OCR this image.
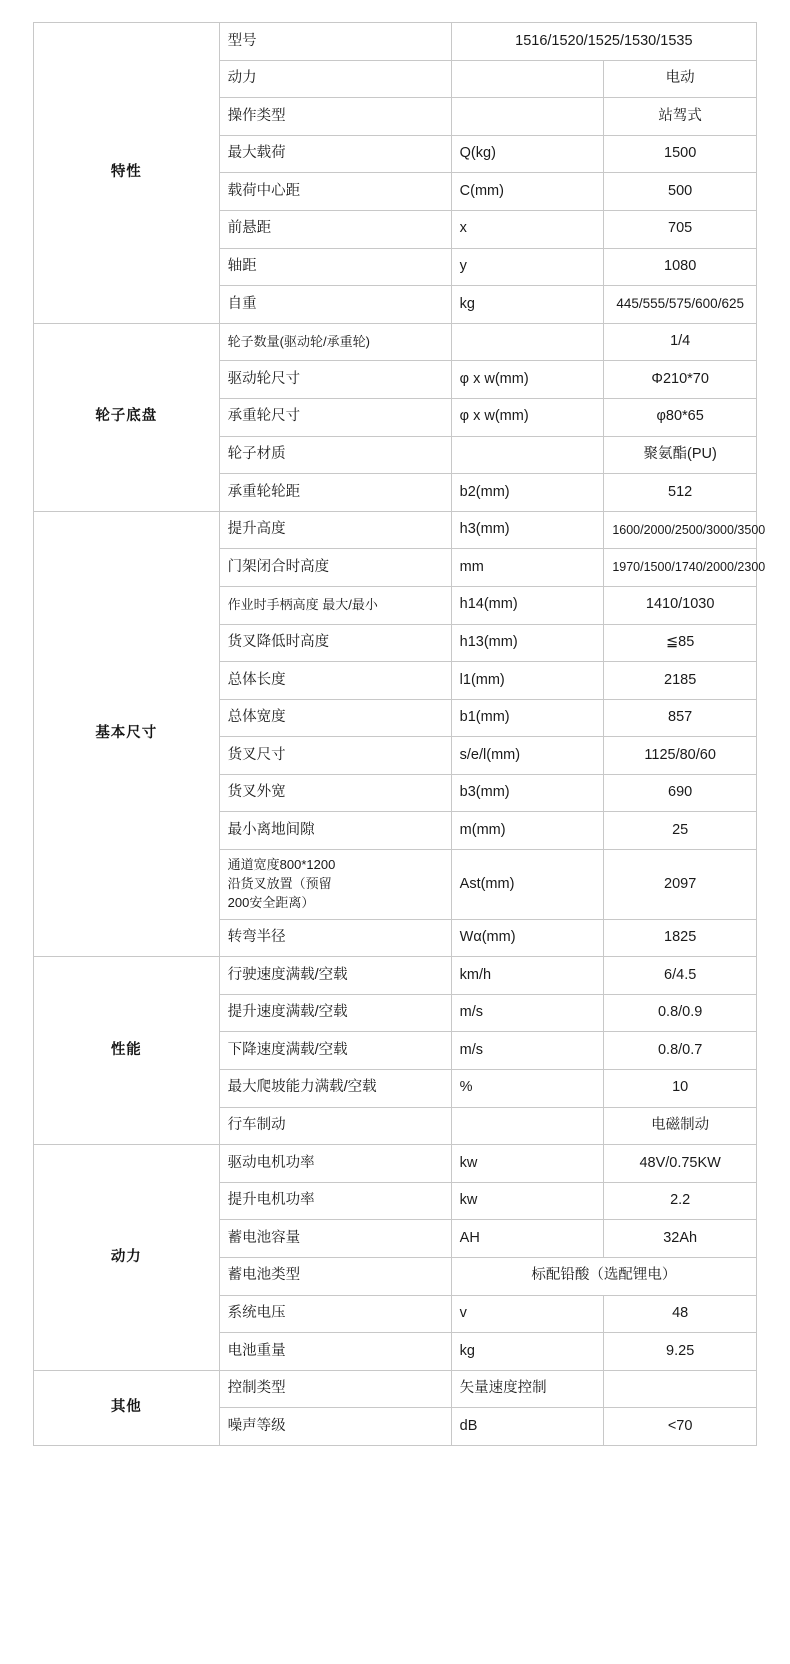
特性	型号	1516/1520/1525/1530/1535	
	动力		电动
	操作类型		站驾式
	最大载荷	Q(kg)	1500
	载荷中心距	C(mm)	500
	前悬距	x	705
	轴距	y	1080
	自重	kg	445/555/575/600/625
轮子底盘	轮子数量(驱动轮/承重轮)		1/4
	驱动轮尺寸	φ x w(mm)	Φ210*70
	承重轮尺寸	φ x w(mm)	φ80*65
	轮子材质		聚氨酯(PU)
	承重轮轮距	b2(mm)	512
基本尺寸	提升高度	h3(mm)	1600/2000/2500/3000/3500
	门架闭合时高度	mm	1970/1500/1740/2000/2300
	作业时手柄高度 最大/最小	h14(mm)	1410/1030
	货叉降低时高度	h13(mm)	≦85
	总体长度	l1(mm)	2185
	总体宽度	b1(mm)	857
	货叉尺寸	s/e/l(mm)	1125/80/60
	货叉外宽	b3(mm)	690
	最小离地间隙	m(mm)	25
	通道宽度800*1200
沿货叉放置（预留
200安全距离）	Ast(mm)	2097
	转弯半径	Wα(mm)	1825
性能	行驶速度满载/空载	km/h	6/4.5
	提升速度满载/空载	m/s	0.8/0.9
	下降速度满载/空载	m/s	0.8/0.7
	最大爬坡能力满载/空载	%	10
	行车制动		电磁制动
动力	驱动电机功率	kw	48V/0.75KW
	提升电机功率	kw	2.2
	蓄电池容量	AH	32Ah
	蓄电池类型	标配铅酸（选配锂电）	
	系统电压	v	48
	电池重量	kg	9.25
其他	控制类型	矢量速度控制	
	噪声等级	dB	<70
